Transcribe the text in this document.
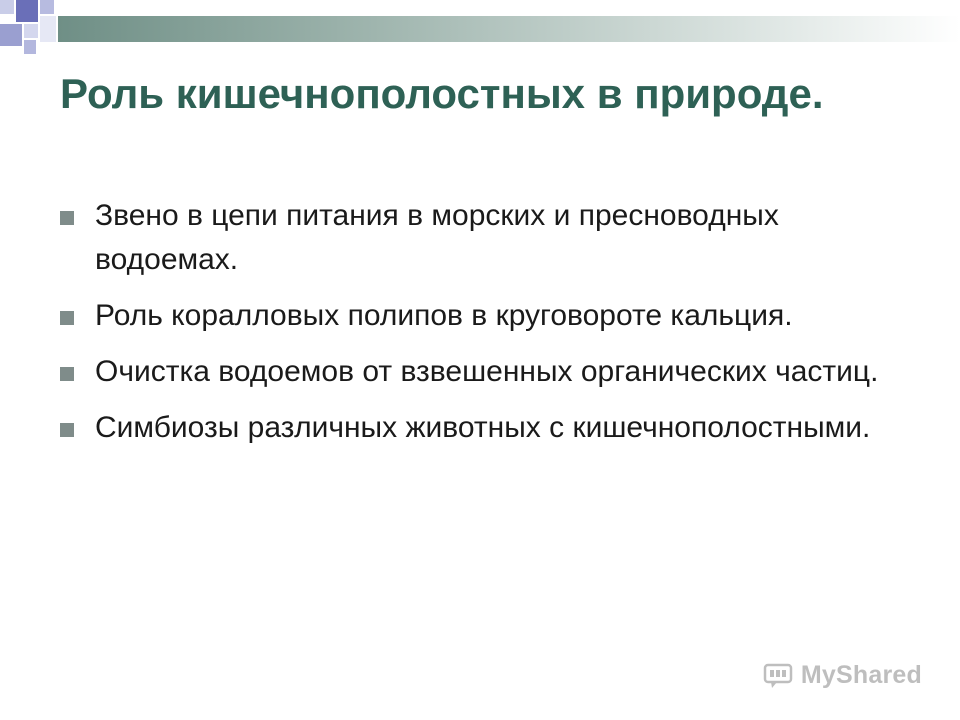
Роль кишечнополостных в природе.
Звено в цепи питания в морских и пресноводных водоемах.
Роль коралловых полипов в круговороте кальция.
Очистка водоемов от взвешенных органических частиц.
Симбиозы различных животных с кишечнополостными.
MyShared
